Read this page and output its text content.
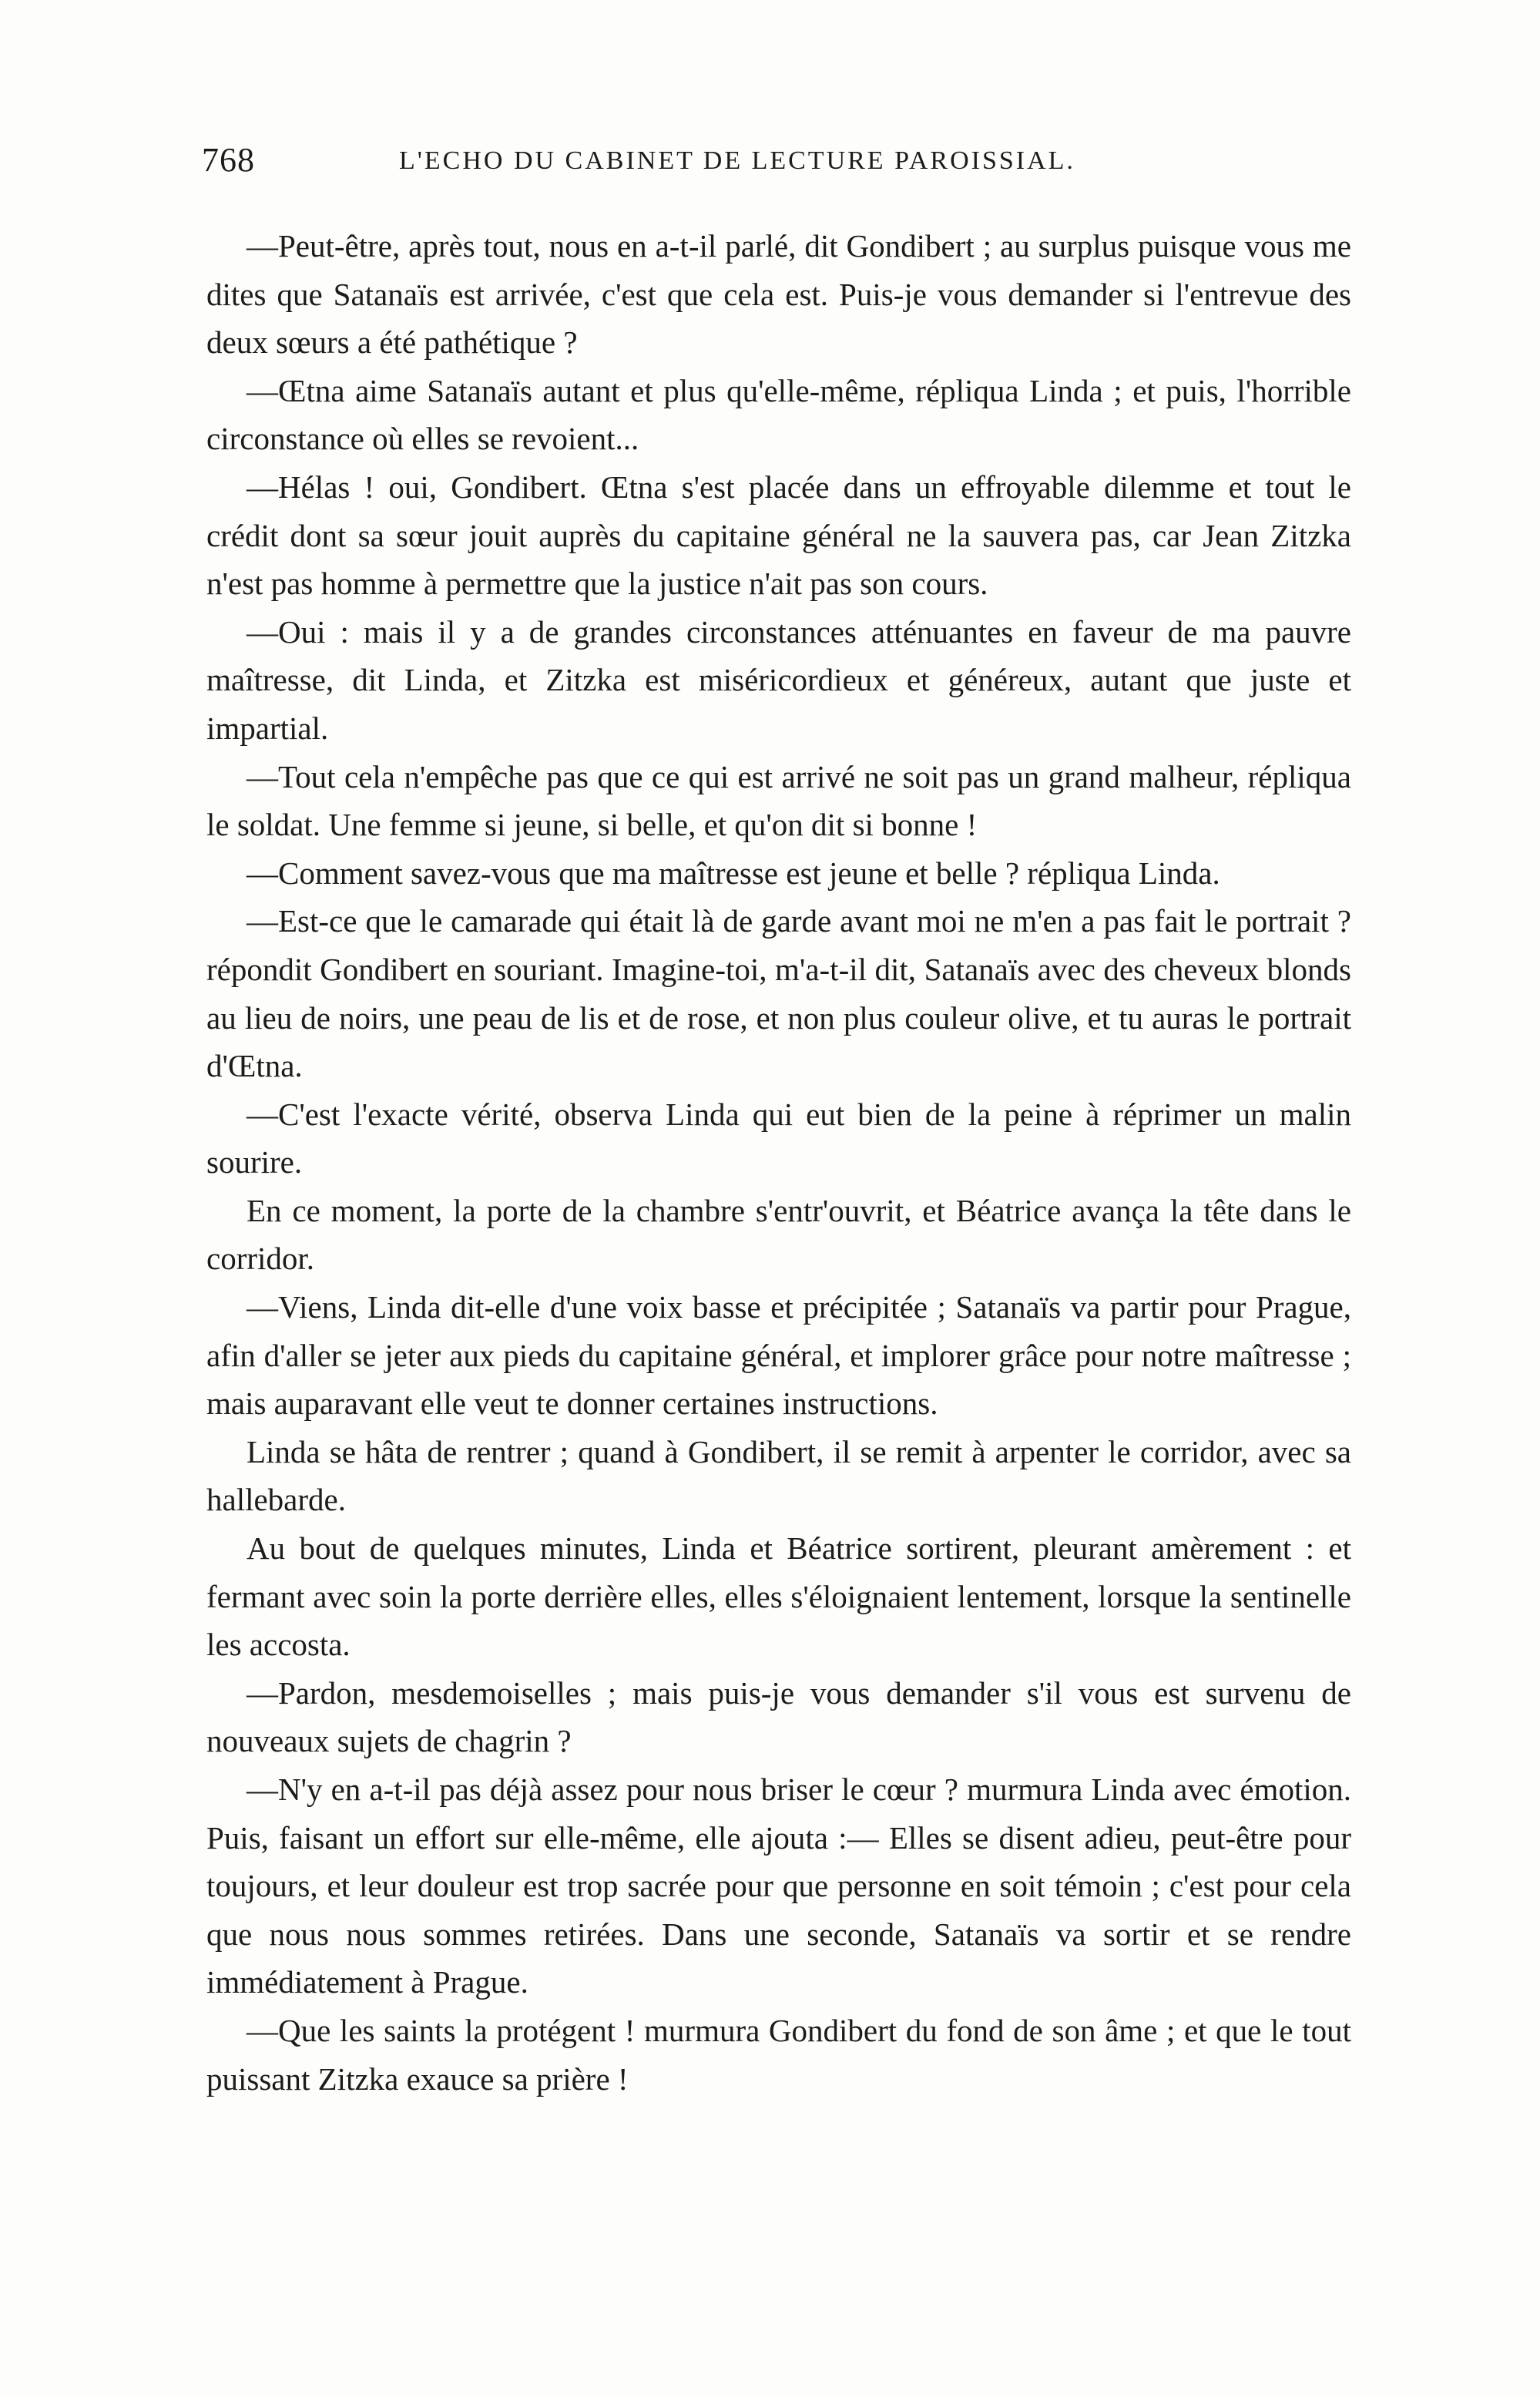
768	L'ECHO DU CABINET DE LECTURE PAROISSIAL.

—Peut-être, après tout, nous en a-t-il parlé, dit Gondibert ; au surplus puisque vous me dites que Satanaïs est arrivée, c'est que cela est. Puis-je vous demander si l'entrevue des deux sœurs a été pathétique ?

—Œtna aime Satanaïs autant et plus qu'elle-même, répliqua Linda ; et puis, l'horrible circonstance où elles se revoient...

—Hélas ! oui, Gondibert. Œtna s'est placée dans un effroyable dilemme et tout le crédit dont sa sœur jouit auprès du capitaine général ne la sauvera pas, car Jean Zitzka n'est pas homme à permettre que la justice n'ait pas son cours.

—Oui : mais il y a de grandes circonstances atténuantes en faveur de ma pauvre maîtresse, dit Linda, et Zitzka est miséricordieux et généreux, autant que juste et impartial.

—Tout cela n'empêche pas que ce qui est arrivé ne soit pas un grand malheur, répliqua le soldat. Une femme si jeune, si belle, et qu'on dit si bonne !

—Comment savez-vous que ma maîtresse est jeune et belle ? répliqua Linda.

—Est-ce que le camarade qui était là de garde avant moi ne m'en a pas fait le portrait ? répondit Gondibert en souriant. Imagine-toi, m'a-t-il dit, Satanaïs avec des cheveux blonds au lieu de noirs, une peau de lis et de rose, et non plus couleur olive, et tu auras le portrait d'Œtna.

—C'est l'exacte vérité, observa Linda qui eut bien de la peine à réprimer un malin sourire.

En ce moment, la porte de la chambre s'entr'ouvrit, et Béatrice avança la tête dans le corridor.

—Viens, Linda dit-elle d'une voix basse et précipitée ; Satanaïs va partir pour Prague, afin d'aller se jeter aux pieds du capitaine général, et implorer grâce pour notre maîtresse ; mais auparavant elle veut te donner certaines instructions.

Linda se hâta de rentrer ; quand à Gondibert, il se remit à arpenter le corridor, avec sa hallebarde.

Au bout de quelques minutes, Linda et Béatrice sortirent, pleurant amèrement : et fermant avec soin la porte derrière elles, elles s'éloignaient lentement, lorsque la sentinelle les accosta.

—Pardon, mesdemoiselles ; mais puis-je vous demander s'il vous est survenu de nouveaux sujets de chagrin ?

—N'y en a-t-il pas déjà assez pour nous briser le cœur ? murmura Linda avec émotion. Puis, faisant un effort sur elle-même, elle ajouta :— Elles se disent adieu, peut-être pour toujours, et leur douleur est trop sacrée pour que personne en soit témoin ; c'est pour cela que nous nous sommes retirées. Dans une seconde, Satanaïs va sortir et se rendre immédiatement à Prague.

—Que les saints la protégent ! murmura Gondibert du fond de son âme ; et que le tout puissant Zitzka exauce sa prière !
